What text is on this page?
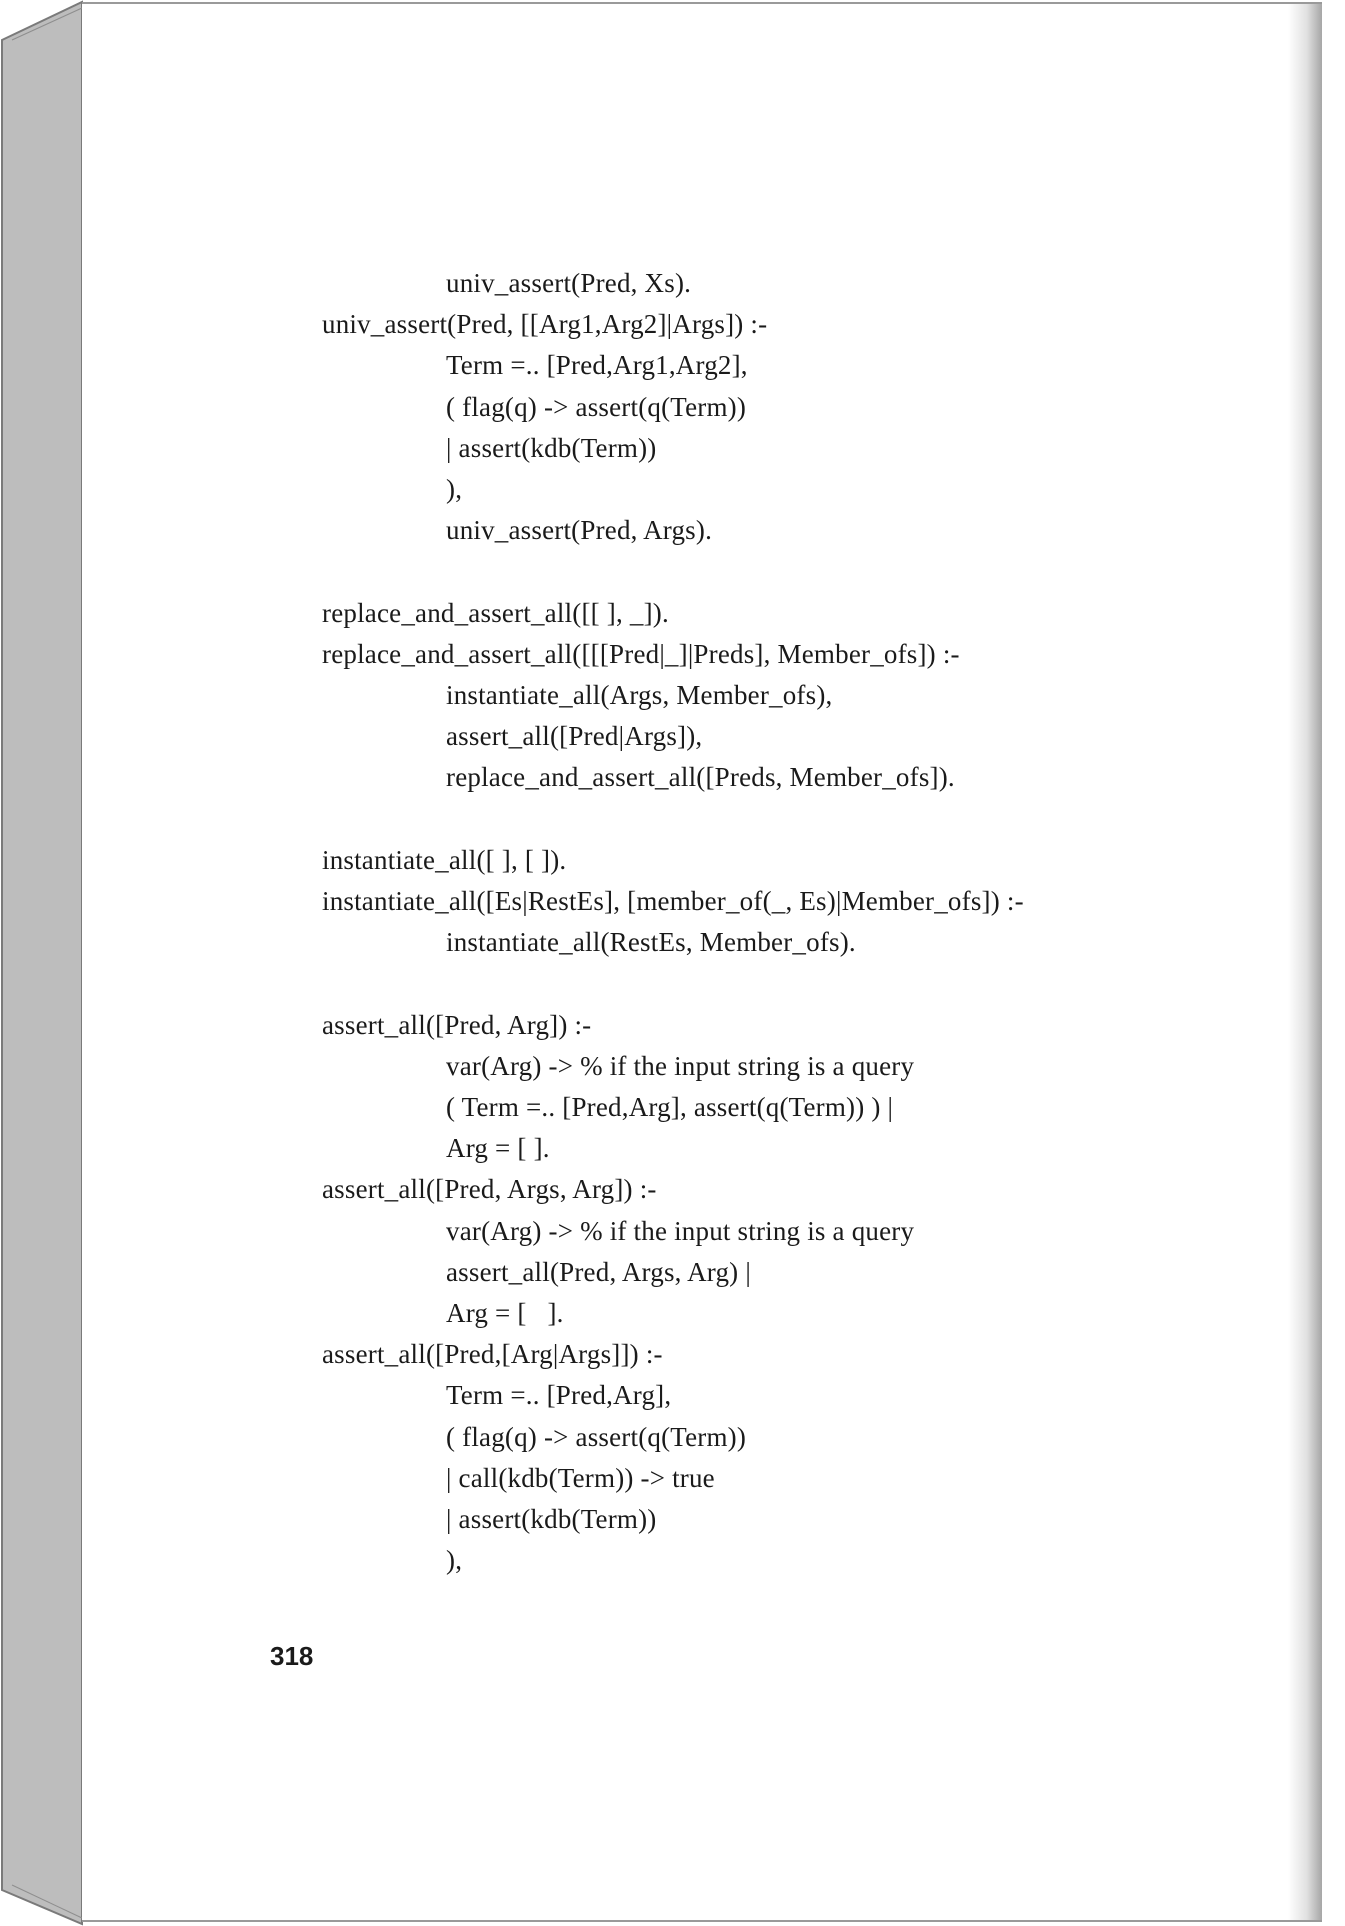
univ_assert(Pred, Xs).
univ_assert(Pred, [[Arg1,Arg2]|Args]) :-
Term =.. [Pred,Arg1,Arg2],
( flag(q) -> assert(q(Term))
| assert(kdb(Term))
),
univ_assert(Pred, Args).
replace_and_assert_all([[ ], _]).
replace_and_assert_all([[[Pred|_]|Preds], Member_ofs]) :-
instantiate_all(Args, Member_ofs),
assert_all([Pred|Args]),
replace_and_assert_all([Preds, Member_ofs]).
instantiate_all([ ], [ ]).
instantiate_all([Es|RestEs], [member_of(_, Es)|Member_ofs]) :-
instantiate_all(RestEs, Member_ofs).
assert_all([Pred, Arg]) :-
var(Arg) -> % if the input string is a query
( Term =.. [Pred,Arg], assert(q(Term)) ) |
Arg = [ ].
assert_all([Pred, Args, Arg]) :-
var(Arg) -> % if the input string is a query
assert_all(Pred, Args, Arg) |
Arg = [   ].
assert_all([Pred,[Arg|Args]]) :-
Term =.. [Pred,Arg],
( flag(q) -> assert(q(Term))
| call(kdb(Term)) -> true
| assert(kdb(Term))
),
318
